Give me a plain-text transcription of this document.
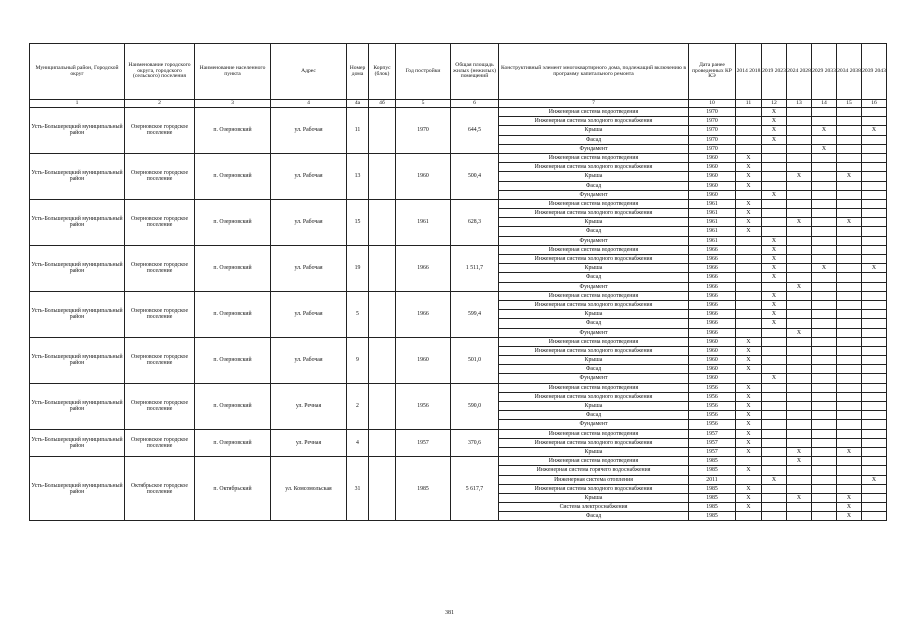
Муниципальный район, Городской округ	Наименование городского округа, городского (сельского) поселения	Наименование населенного пункта	Адрес	Номер дома	Корпус (блок)	Год постройки	Общая площадь жилых (нежилых) помещений	Конструктивный элемент многоквартирного дома, подлежащий включению в программу капитального ремонта	Дата ранее проведенных КР КЭ	2014 2018	2019 2023	2024 2028	2029 2033	2034 2038	2039 2043
1	2	3	4	4а	4б	5	6	7	10	11	12	13	14	15	16
Усть-Большерецкий муниципальный район	Озерновское городское поселение	п. Озерновский	ул. Рабочая	11		1970	644,5	Инженерная система водоотведения	1970		X				
								Инженерная система холодного водоснабжения	1970		X				
								Крыша	1970		X		X		X
								Фасад	1970		X				
								Фундамент	1970				X		
Усть-Большерецкий муниципальный район	Озерновское городское поселение	п. Озерновский	ул. Рабочая	13		1960	500,4	Инженерная система водоотведения	1960	X					
								Инженерная система холодного водоснабжения	1960	X					
								Крыша	1960	X		X		X	
								Фасад	1960	X					
								Фундамент	1960		X				
Усть-Большерецкий муниципальный район	Озерновское городское поселение	п. Озерновский	ул. Рабочая	15		1961	628,3	Инженерная система водоотведения	1961	X					
								Инженерная система холодного водоснабжения	1961	X					
								Крыша	1961	X		X		X	
								Фасад	1961	X					
								Фундамент	1961		X				
Усть-Большерецкий муниципальный район	Озерновское городское поселение	п. Озерновский	ул. Рабочая	19		1966	1 511,7	Инженерная система водоотведения	1966		X				
								Инженерная система холодного водоснабжения	1966		X				
								Крыша	1966		X		X		X
								Фасад	1966		X				
								Фундамент	1966			X			
Усть-Большерецкий муниципальный район	Озерновское городское поселение	п. Озерновский	ул. Рабочая	5		1966	599,4	Инженерная система водоотведения	1966		X				
								Инженерная система холодного водоснабжения	1966		X				
								Крыша	1966		X				
								Фасад	1966		X				
								Фундамент	1966			X			
Усть-Большерецкий муниципальный район	Озерновское городское поселение	п. Озерновский	ул. Рабочая	9		1960	501,0	Инженерная система водоотведения	1960	X					
								Инженерная система холодного водоснабжения	1960	X					
								Крыша	1960	X					
								Фасад	1960	X					
								Фундамент	1960		X				
Усть-Большерецкий муниципальный район	Озерновское городское поселение	п. Озерновский	ул. Речная	2		1956	590,0	Инженерная система водоотведения	1956	X					
								Инженерная система холодного водоснабжения	1956	X					
								Крыша	1956	X					
								Фасад	1956	X					
								Фундамент	1956	X					
Усть-Большерецкий муниципальный район	Озерновское городское поселение	п. Озерновский	ул. Речная	4		1957	370,6	Инженерная система водоотведения	1957	X					
								Инженерная система холодного водоснабжения	1957	X					
								Крыша	1957	X		X		X	
Усть-Большерецкий муниципальный район	Октябрьское городское поселение	п. Октябрьский	ул. Комсомольская	31		1985	5 617,7	Инженерная система водоотведения	1985			X			
								Инженерная система горячего водоснабжения	1985	X					
								Инженерная система отопления	2011		X				X
								Инженерная система холодного водоснабжения	1985	X					
								Крыша	1985	X		X		X	
								Система электроснабжения	1985	X				X	
								Фасад	1985					X	
381
